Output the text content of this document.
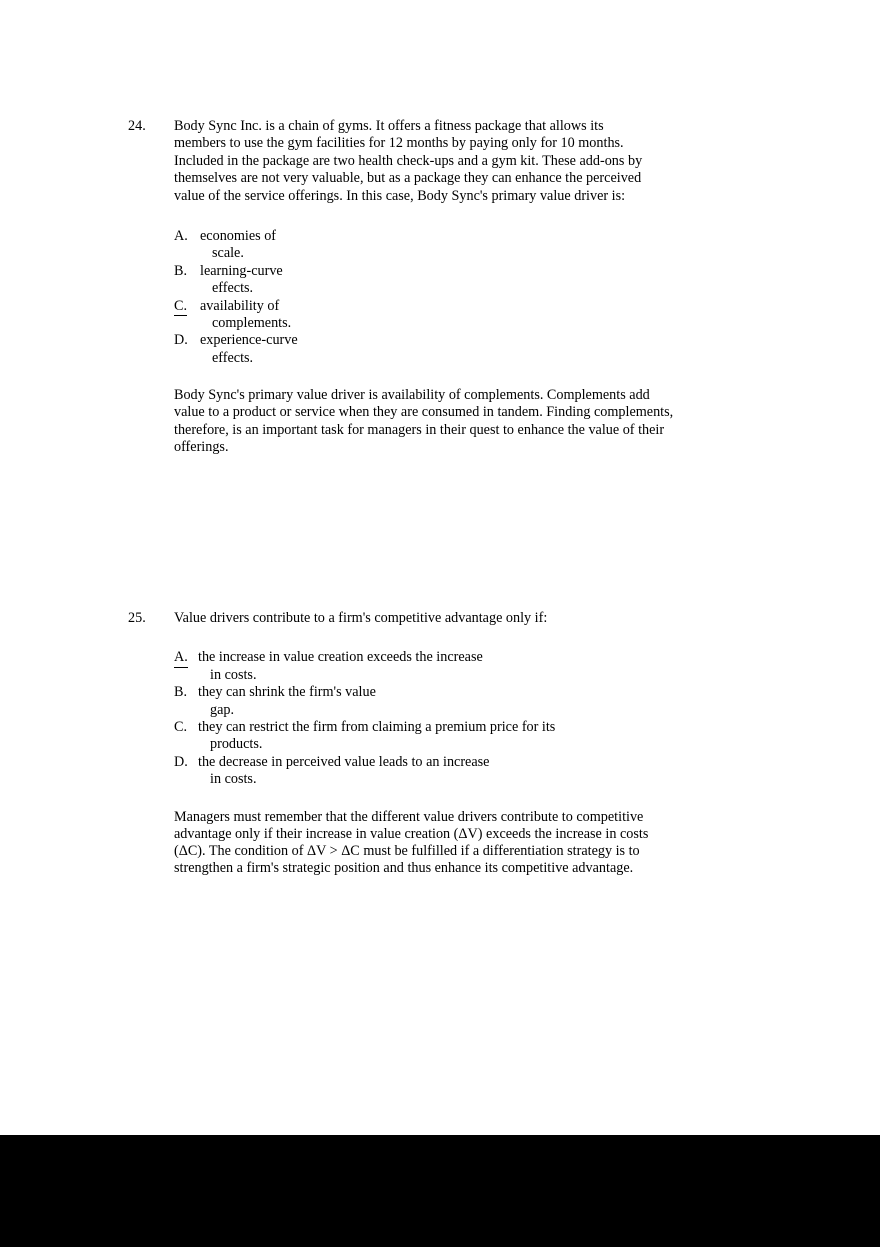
24.	Body Sync Inc. is a chain of gyms. It offers a fitness package that allows its members to use the gym facilities for 12 months by paying only for 10 months. Included in the package are two health check-ups and a gym kit. These add-ons by themselves are not very valuable, but as a package they can enhance the perceived value of the service offerings. In this case, Body Sync's primary value driver is:
A. economies of
scale.
B. learning-curve
effects.
C. availability of
complements.
D. experience-curve
effects.
Body Sync's primary value driver is availability of complements. Complements add value to a product or service when they are consumed in tandem. Finding complements, therefore, is an important task for managers in their quest to enhance the value of their offerings.
25.	Value drivers contribute to a firm's competitive advantage only if:
A. the increase in value creation exceeds the increase
in costs.
B. they can shrink the firm's value
gap.
C. they can restrict the firm from claiming a premium price for its
products.
D. the decrease in perceived value leads to an increase
in costs.
Managers must remember that the different value drivers contribute to competitive advantage only if their increase in value creation (ΔV) exceeds the increase in costs (ΔC). The condition of ΔV > ΔC must be fulfilled if a differentiation strategy is to strengthen a firm's strategic position and thus enhance its competitive advantage.
